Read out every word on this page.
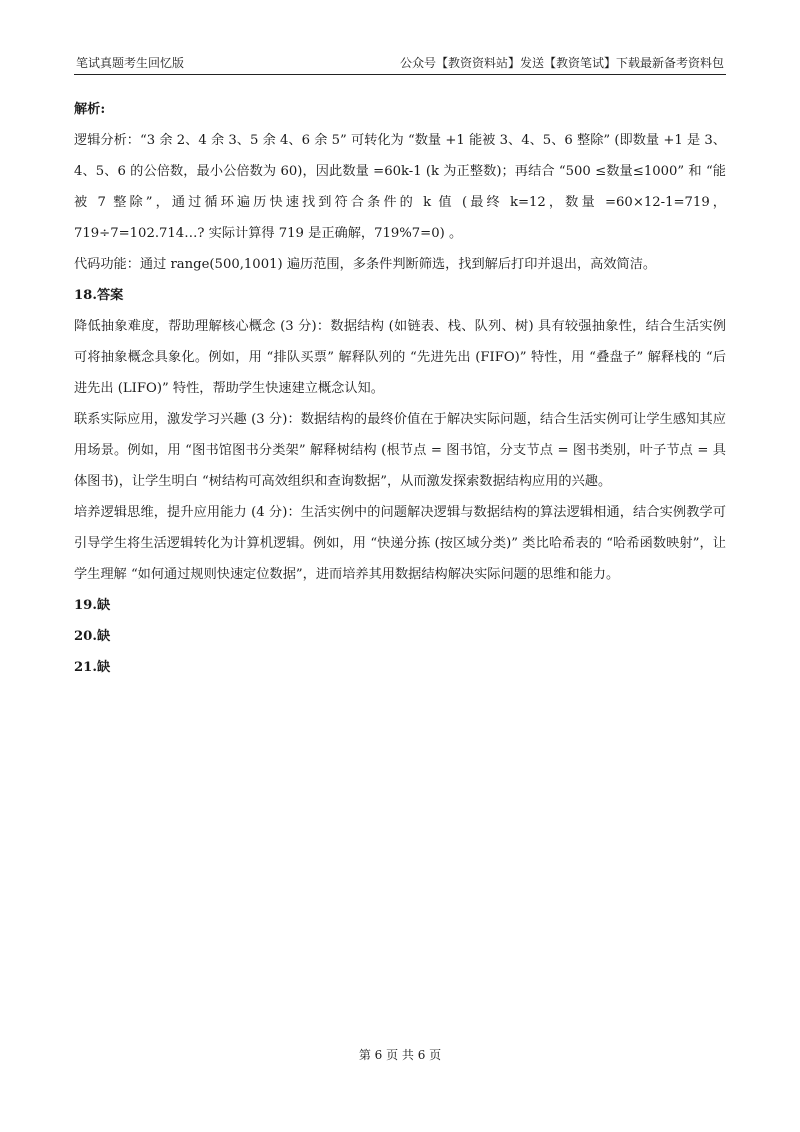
笔试真题考生回忆版	公众号【教资资料站】发送【教资笔试】下载最新备考资料包

解析:

逻辑分析：“3 余 2、4 余 3、5 余 4、6 余 5” 可转化为 “数量 +1 能被 3、4、5、6 整除” (即数量 +1 是 3、4、5、6 的公倍数，最小公倍数为 60)，因此数量 =60k-1 (k 为正整数)；再结合 “500 ≤数量≤1000” 和 “能被 7 整除”，通过循环遍历快速找到符合条件的 k 值 (最终 k=12，数量 =60×12-1=719，719÷7=102.714…? 实际计算得 719 是正确解，719%7=0) 。

代码功能：通过 range(500,1001) 遍历范围，多条件判断筛选，找到解后打印并退出，高效简洁。

18.答案

降低抽象难度，帮助理解核心概念 (3 分)：数据结构 (如链表、栈、队列、树) 具有较强抽象性，结合生活实例可将抽象概念具象化。例如，用 “排队买票” 解释队列的 “先进先出 (FIFO)” 特性，用 “叠盘子” 解释栈的 “后进先出 (LIFO)” 特性，帮助学生快速建立概念认知。

联系实际应用，激发学习兴趣 (3 分)：数据结构的最终价值在于解决实际问题，结合生活实例可让学生感知其应用场景。例如，用 “图书馆图书分类架” 解释树结构 (根节点 = 图书馆，分支节点 = 图书类别，叶子节点 = 具体图书)，让学生明白 “树结构可高效组织和查询数据”，从而激发探索数据结构应用的兴趣。

培养逻辑思维，提升应用能力 (4 分)：生活实例中的问题解决逻辑与数据结构的算法逻辑相通，结合实例教学可引导学生将生活逻辑转化为计算机逻辑。例如，用 “快递分拣 (按区域分类)” 类比哈希表的 “哈希函数映射”，让学生理解 “如何通过规则快速定位数据”，进而培养其用数据结构解决实际问题的思维和能力。

19.缺

20.缺

21.缺

第 6 页 共 6 页
